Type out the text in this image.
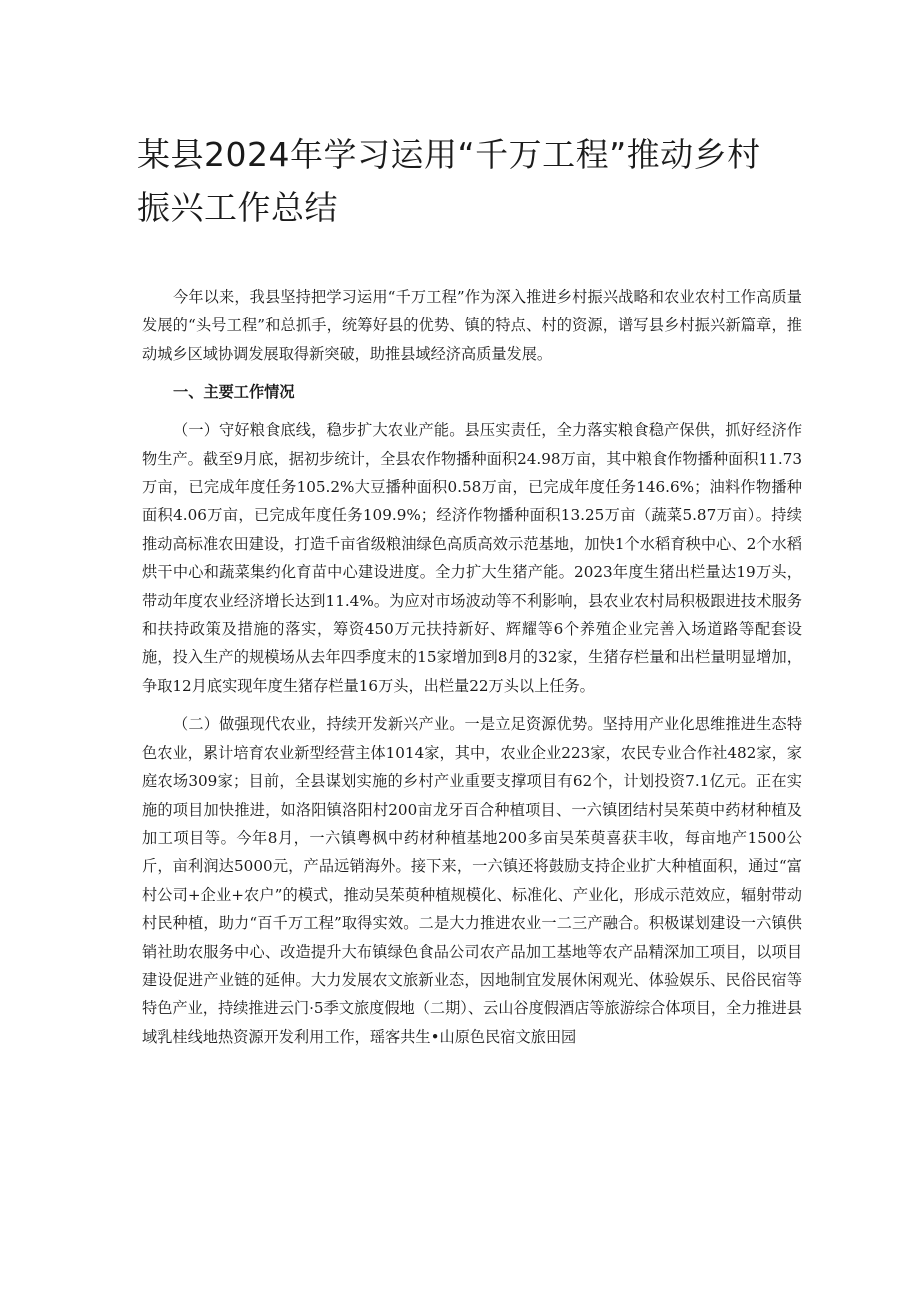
某县2024年学习运用“千万工程”推动乡村振兴工作总结

今年以来，我县坚持把学习运用“千万工程”作为深入推进乡村振兴战略和农业农村工作高质量发展的“头号工程”和总抓手，统筹好县的优势、镇的特点、村的资源，谱写县乡村振兴新篇章，推动城乡区域协调发展取得新突破，助推县域经济高质量发展。

一、主要工作情况

（一）守好粮食底线，稳步扩大农业产能。县压实责任，全力落实粮食稳产保供，抓好经济作物生产。截至9月底，据初步统计，全县农作物播种面积24.98万亩，其中粮食作物播种面积11.73万亩，已完成年度任务105.2%大豆播种面积0.58万亩，已完成年度任务146.6%；油料作物播种面积4.06万亩，已完成年度任务109.9%；经济作物播种面积13.25万亩（蔬菜5.87万亩）。持续推动高标准农田建设，打造千亩省级粮油绿色高质高效示范基地，加快1个水稻育秧中心、2个水稻烘干中心和蔬菜集约化育苗中心建设进度。全力扩大生猪产能。2023年度生猪出栏量达19万头，带动年度农业经济增长达到11.4%。为应对市场波动等不利影响，县农业农村局积极跟进技术服务和扶持政策及措施的落实，筹资450万元扶持新好、辉耀等6个养殖企业完善入场道路等配套设施，投入生产的规模场从去年四季度末的15家增加到8月的32家，生猪存栏量和出栏量明显增加，争取12月底实现年度生猪存栏量16万头，出栏量22万头以上任务。

（二）做强现代农业，持续开发新兴产业。一是立足资源优势。坚持用产业化思维推进生态特色农业，累计培育农业新型经营主体1014家，其中，农业企业223家，农民专业合作社482家，家庭农场309家；目前，全县谋划实施的乡村产业重要支撑项目有62个，计划投资7.1亿元。正在实施的项目加快推进，如洛阳镇洛阳村200亩龙牙百合种植项目、一六镇团结村吴茱萸中药材种植及加工项目等。今年8月，一六镇粤枫中药材种植基地200多亩吴茱萸喜获丰收，每亩地产1500公斤，亩利润达5000元，产品远销海外。接下来，一六镇还将鼓励支持企业扩大种植面积，通过“富村公司+企业+农户”的模式，推动吴茱萸种植规模化、标准化、产业化，形成示范效应，辐射带动村民种植，助力“百千万工程”取得实效。二是大力推进农业一二三产融合。积极谋划建设一六镇供销社助农服务中心、改造提升大布镇绿色食品公司农产品加工基地等农产品精深加工项目，以项目建设促进产业链的延伸。大力发展农文旅新业态，因地制宜发展休闲观光、体验娱乐、民俗民宿等特色产业，持续推进云门·5季文旅度假地（二期）、云山谷度假酒店等旅游综合体项目，全力推进县域乳桂线地热资源开发利用工作，瑶客共生•山原色民宿文旅田园
